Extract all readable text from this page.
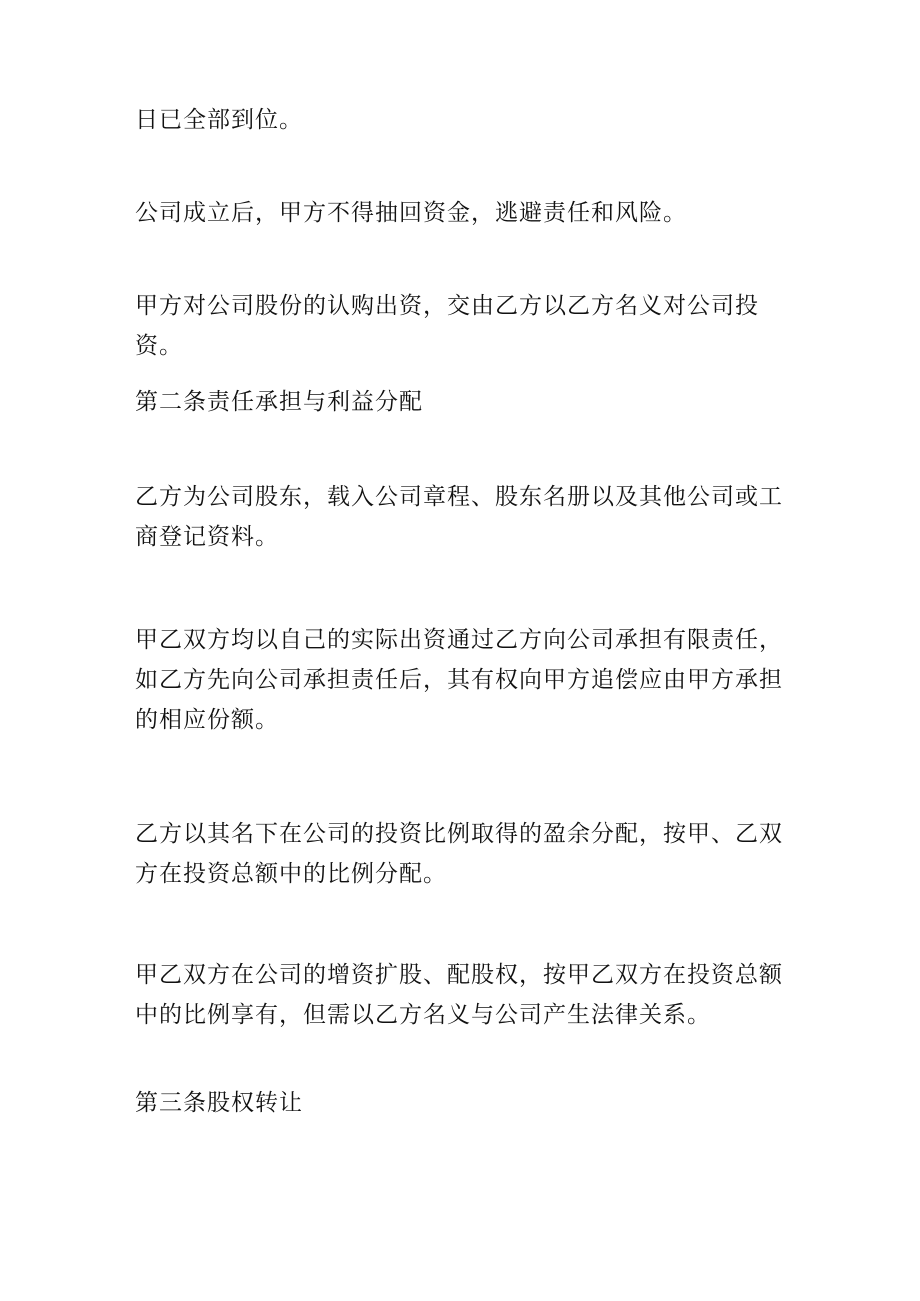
日已全部到位。

公司成立后，甲方不得抽回资金，逃避责任和风险。

甲方对公司股份的认购出资，交由乙方以乙方名义对公司投资。

第二条责任承担与利益分配

乙方为公司股东，载入公司章程、股东名册以及其他公司或工商登记资料。

甲乙双方均以自己的实际出资通过乙方向公司承担有限责任，如乙方先向公司承担责任后，其有权向甲方追偿应由甲方承担的相应份额。

乙方以其名下在公司的投资比例取得的盈余分配，按甲、乙双方在投资总额中的比例分配。

甲乙双方在公司的增资扩股、配股权，按甲乙双方在投资总额中的比例享有，但需以乙方名义与公司产生法律关系。

第三条股权转让
